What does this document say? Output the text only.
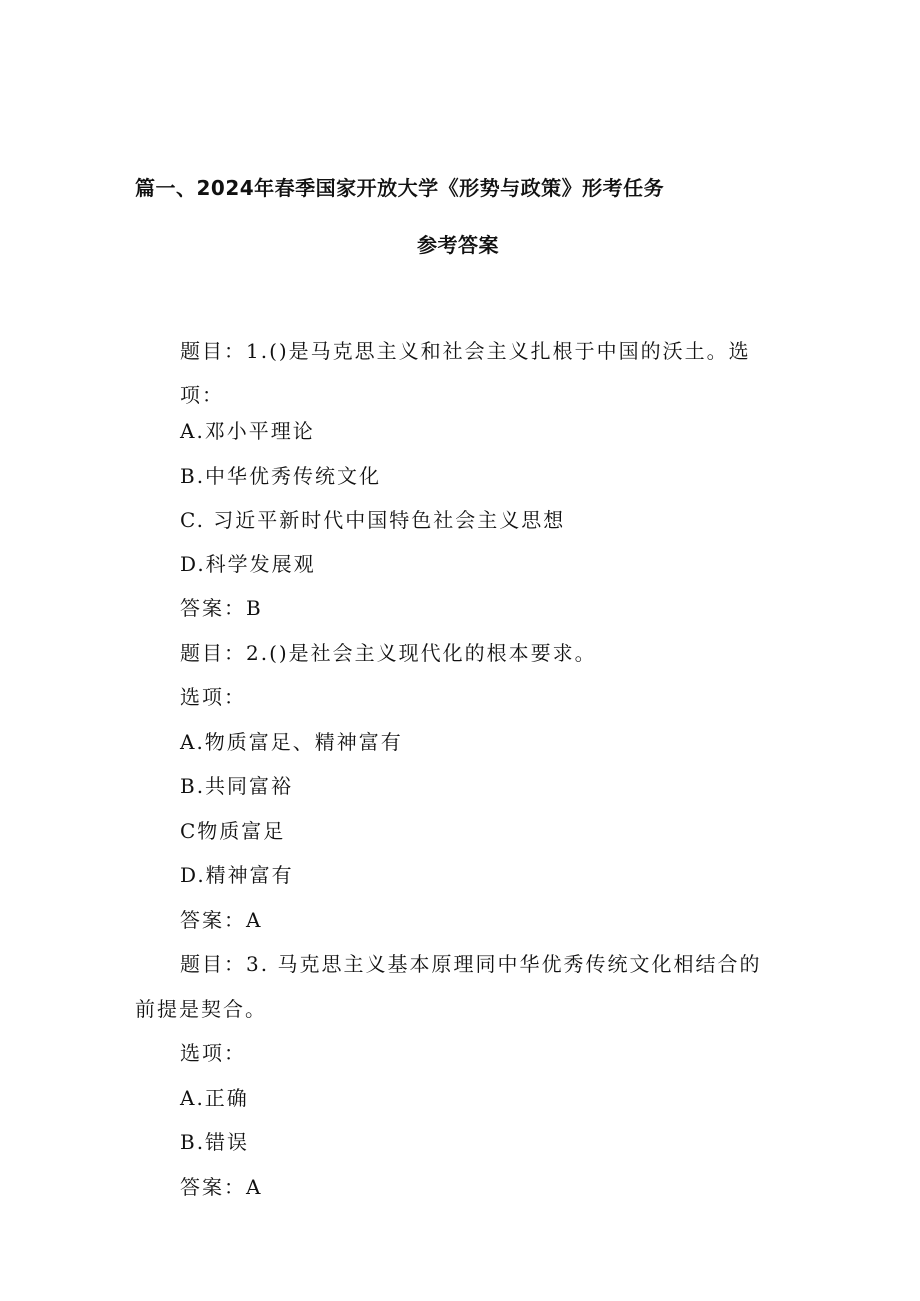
篇一、2024年春季国家开放大学《形势与政策》形考任务
参考答案
题目：1.()是马克思主义和社会主义扎根于中国的沃土。选
项：
A.邓小平理论
B.中华优秀传统文化
C. 习近平新时代中国特色社会主义思想
D.科学发展观
答案：B
题目：2.()是社会主义现代化的根本要求。
选项：
A.物质富足、精神富有
B.共同富裕
C物质富足
D.精神富有
答案：A
题目：3. 马克思主义基本原理同中华优秀传统文化相结合的
前提是契合。
选项：
A.正确
B.错误
答案：A
